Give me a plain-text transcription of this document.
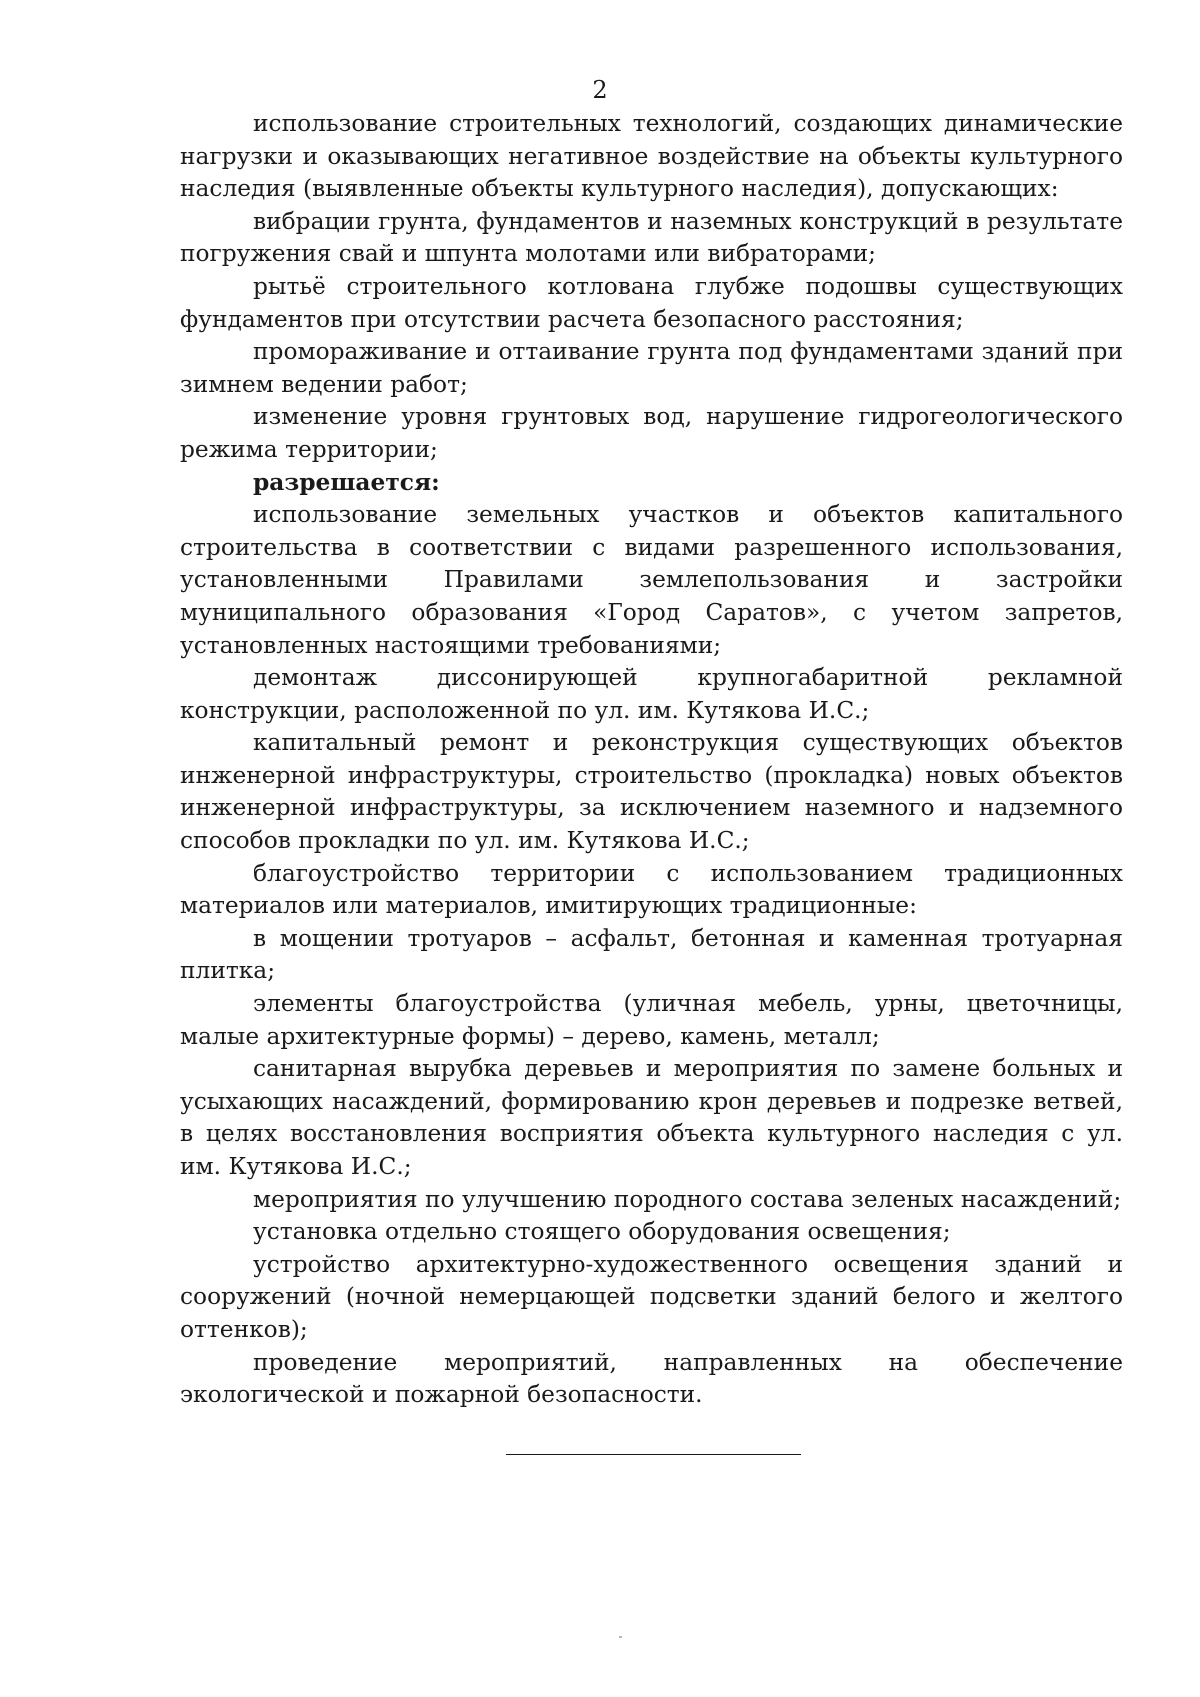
2

использование строительных технологий, создающих динамические нагрузки и оказывающих негативное воздействие на объекты культурного наследия (выявленные объекты культурного наследия), допускающих:

вибрации грунта, фундаментов и наземных конструкций в результате погружения свай и шпунта молотами или вибраторами;

рытьё строительного котлована глубже подошвы существующих фундаментов при отсутствии расчета безопасного расстояния;

промораживание и оттаивание грунта под фундаментами зданий при зимнем ведении работ;

изменение уровня грунтовых вод, нарушение гидрогеологического режима территории;

разрешается:

использование земельных участков и объектов капитального строительства в соответствии с видами разрешенного использования, установленными Правилами землепользования и застройки муниципального образования «Город Саратов», с учетом запретов, установленных настоящими требованиями;

демонтаж диссонирующей крупногабаритной рекламной конструкции, расположенной по ул. им. Кутякова И.С.;

капитальный ремонт и реконструкция существующих объектов инженерной инфраструктуры, строительство (прокладка) новых объектов инженерной инфраструктуры, за исключением наземного и надземного способов прокладки по ул. им. Кутякова И.С.;

благоустройство территории с использованием традиционных материалов или материалов, имитирующих традиционные:

в мощении тротуаров – асфальт, бетонная и каменная тротуарная плитка;

элементы благоустройства (уличная мебель, урны, цветочницы, малые архитектурные формы) – дерево, камень, металл;

санитарная вырубка деревьев и мероприятия по замене больных и усыхающих насаждений, формированию крон деревьев и подрезке ветвей, в целях восстановления восприятия объекта культурного наследия с ул. им. Кутякова И.С.;

мероприятия по улучшению породного состава зеленых насаждений;

установка отдельно стоящего оборудования освещения;

устройство архитектурно-художественного освещения зданий и сооружений (ночной немерцающей подсветки зданий белого и желтого оттенков);

проведение мероприятий, направленных на обеспечение экологической и пожарной безопасности.
